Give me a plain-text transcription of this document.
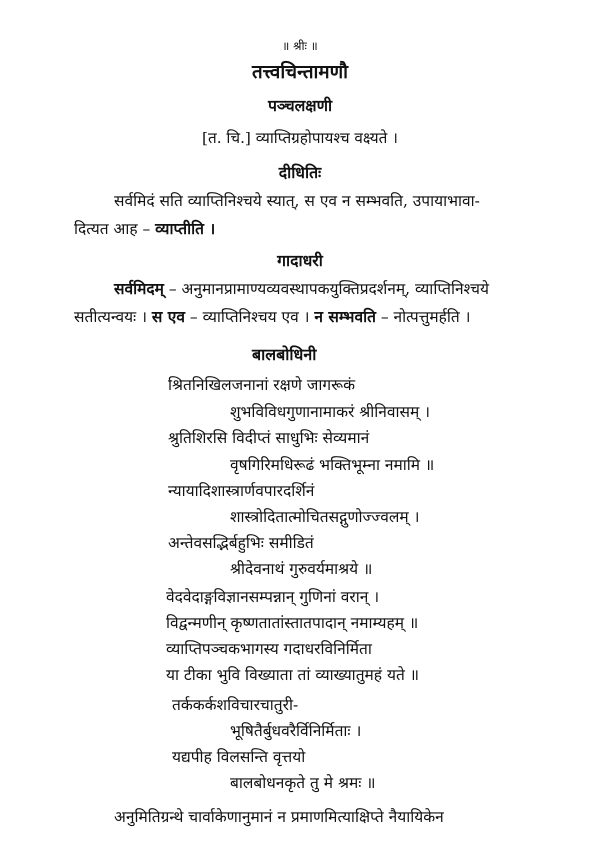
॥ श्रीः ॥
तत्त्वचिन्तामणौ
पञ्चलक्षणी
[त. चि.] व्याप्तिग्रहोपायश्च वक्ष्यते ।
दीधितिः
सर्वमिदं सति व्याप्तिनिश्चये स्यात्, स एव न सम्भवति, उपायाभावा-
दित्यत आह – व्याप्तीति ।
गादाधरी
सर्वमिदम् – अनुमानप्रामाण्यव्यवस्थापकयुक्तिप्रदर्शनम्, व्याप्तिनिश्चये
सतीत्यन्वयः । स एव – व्याप्तिनिश्चय एव । न सम्भवति – नोत्पत्तुमर्हति ।
बालबोधिनी
श्रितनिखिलजनानां रक्षणे जागरूकं
शुभविविधगुणानामाकरं श्रीनिवासम् ।
श्रुतिशिरसि विदीप्तं साधुभिः सेव्यमानं
वृषगिरिमधिरूढं भक्तिभूम्ना नमामि ॥
न्यायादिशास्त्रार्णवपारदर्शिनं
शास्त्रोदितात्मोचितसद्गुणोज्ज्वलम् ।
अन्तेवसद्भिर्बहुभिः समीडितं
श्रीदेवनाथं गुरुवर्यमाश्रये ॥
वेदवेदाङ्गविज्ञानसम्पन्नान् गुणिनां वरान् ।
विद्वन्मणीन् कृष्णतातांस्तातपादान् नमाम्यहम् ॥
व्याप्तिपञ्चकभागस्य गदाधरविनिर्मिता
या टीका भुवि विख्याता तां व्याख्यातुमहं यते ॥
तर्ककर्कशविचारचातुरी-
भूषितैर्बुधवरैर्विनिर्मिताः ।
यद्यपीह विलसन्ति वृत्तयो
बालबोधनकृते तु मे श्रमः ॥
अनुमितिग्रन्थे चार्वाकेणानुमानं न प्रमाणमित्याक्षिप्ते नैयायिकेन
